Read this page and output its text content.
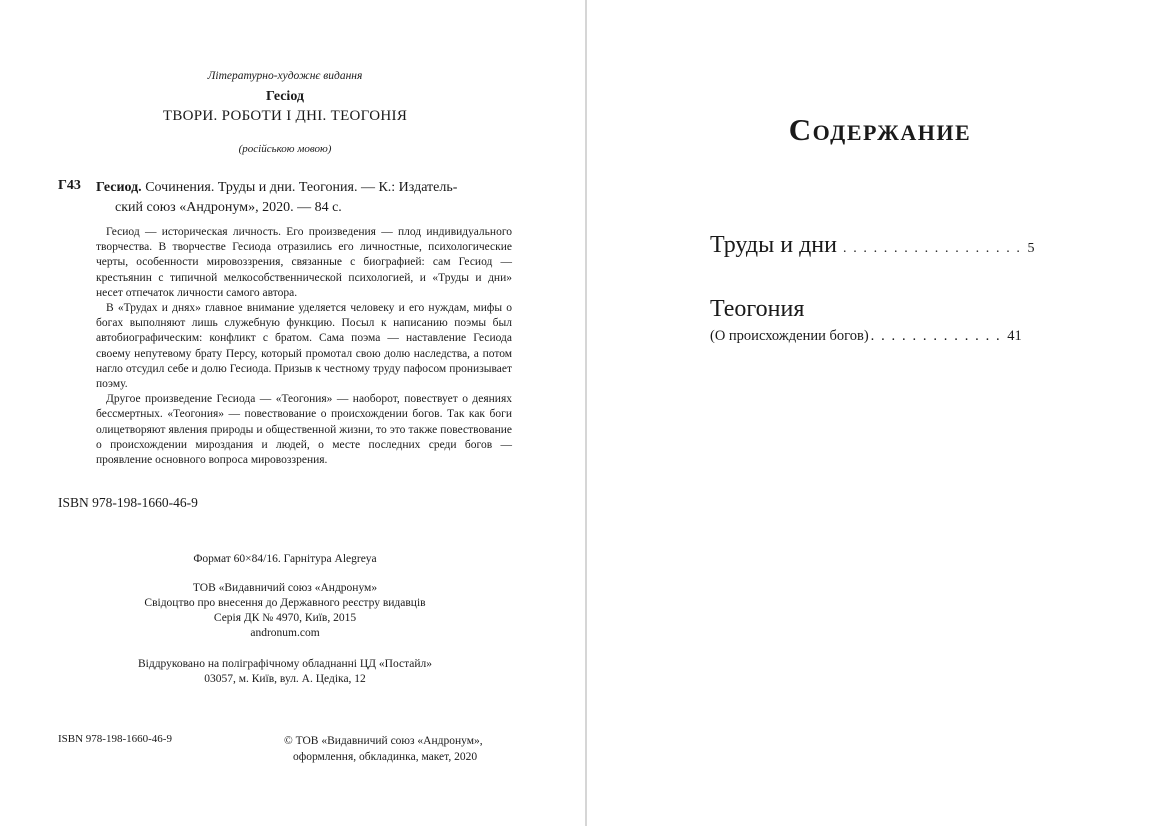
Літературно-художнє видання
Гесіод
ТВОРИ. РОБОТИ І ДНІ. ТЕОГОНІЯ
(російською мовою)
Г43 Гесиод. Сочинения. Труды и дни. Теогония. — К.: Издатель-
ский союз «Андронум», 2020. — 84 с.

Гесиод — историческая личность. Его произведения — плод индивидуального творчества. В творчестве Гесиода отразились его личностные, психологические черты, особенности мировоззрения, связанные с биографией: сам Гесиод — крестьянин с типичной мелкособственнической психологией, и «Труды и дни» несет отпечаток личности самого автора.

В «Трудах и днях» главное внимание уделяется человеку и его нуждам, мифы о богах выполняют лишь служебную функцию. Посыл к написанию поэмы был автобиографическим: конфликт с братом. Сама поэма — наставление Гесиода своему непутевому брату Персу, который промотал свою долю наследства, а потом нагло отсудил себе и долю Гесиода. Призыв к честному труду пафосом пронизывает поэму.

Другое произведение Гесиода — «Теогония» — наоборот, повествует о деяниях бессмертных. «Теогония» — повествование о происхождении богов. Так как боги олицетворяют явления природы и общественной жизни, то это также повествование о происхождении мироздания и людей, о месте последних среди богов — проявление основного вопроса мировоззрения.

ISBN 978-198-1660-46-9
Формат 60×84/16. Гарнітура Alegreya
ТОВ «Видавничий союз «Андронум»
Свідоцтво про внесення до Державного реєстру видавців
Серія ДК № 4970, Київ, 2015
andronum.com
Віддруковано на поліграфічному обладнанні ЦД «Постайл»
03057, м. Київ, вул. А. Цедіка, 12
ISBN 978-198-1660-46-9	© ТОВ «Видавничий союз «Андронум»,
оформлення, обкладинка, макет, 2020
Содержание
Труды и дни . . . . . . . . . . . . . . . . . . 5
Теогония
(О происхождении богов) . . . . . . . . . . . . . 41
